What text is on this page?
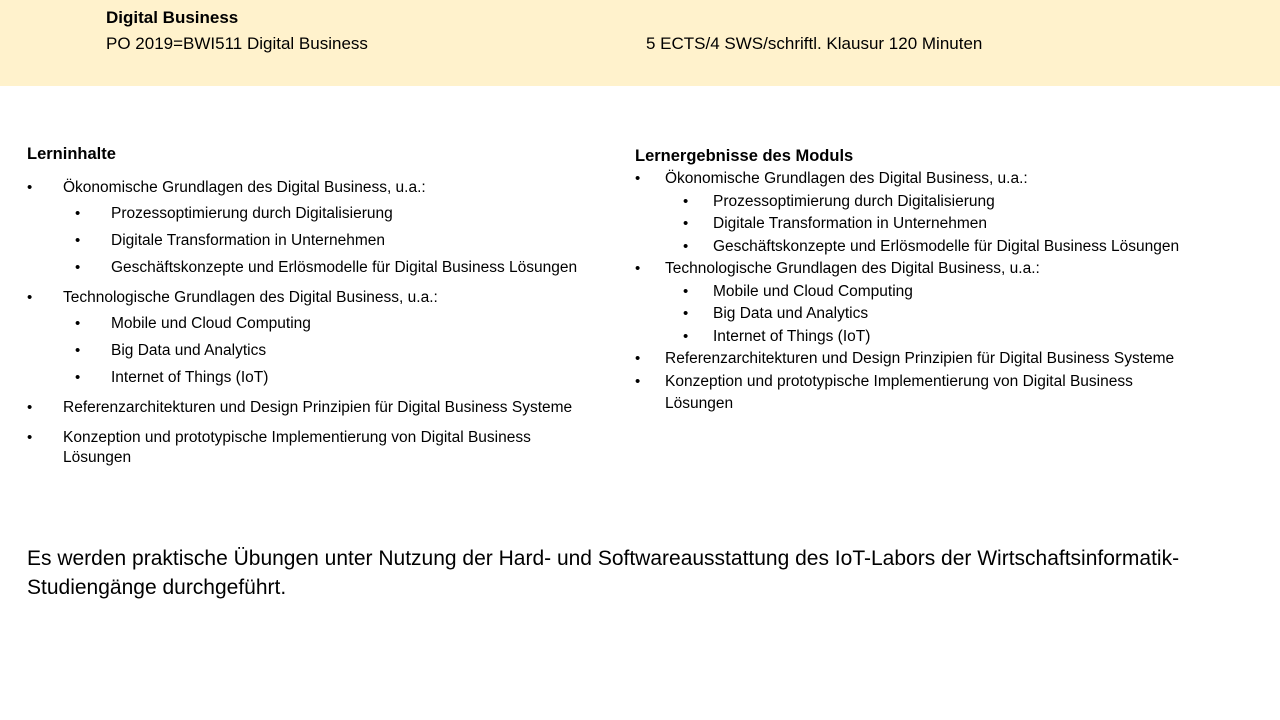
Digital Business
PO 2019=BWI511 Digital Business	5 ECTS/4 SWS/schriftl. Klausur 120 Minuten
Lerninhalte
• Ökonomische Grundlagen des Digital Business, u.a.:
• Prozessoptimierung durch Digitalisierung
• Digitale Transformation in Unternehmen
• Geschäftskonzepte und Erlösmodelle für Digital Business Lösungen
• Technologische Grundlagen des Digital Business, u.a.:
• Mobile und Cloud Computing
• Big Data und Analytics
• Internet of Things (IoT)
• Referenzarchitekturen und Design Prinzipien für Digital Business Systeme
• Konzeption und prototypische Implementierung von Digital Business Lösungen
Lernergebnisse des Moduls
• Ökonomische Grundlagen des Digital Business, u.a.:
• Prozessoptimierung durch Digitalisierung
• Digitale Transformation in Unternehmen
• Geschäftskonzepte und Erlösmodelle für Digital Business Lösungen
• Technologische Grundlagen des Digital Business, u.a.:
• Mobile und Cloud Computing
• Big Data und Analytics
• Internet of Things (IoT)
• Referenzarchitekturen und Design Prinzipien für Digital Business Systeme
• Konzeption und prototypische Implementierung von Digital Business Lösungen
Es werden praktische Übungen unter Nutzung der Hard- und Softwareausstattung des IoT-Labors der Wirtschaftsinformatik-Studiengänge durchgeführt.
